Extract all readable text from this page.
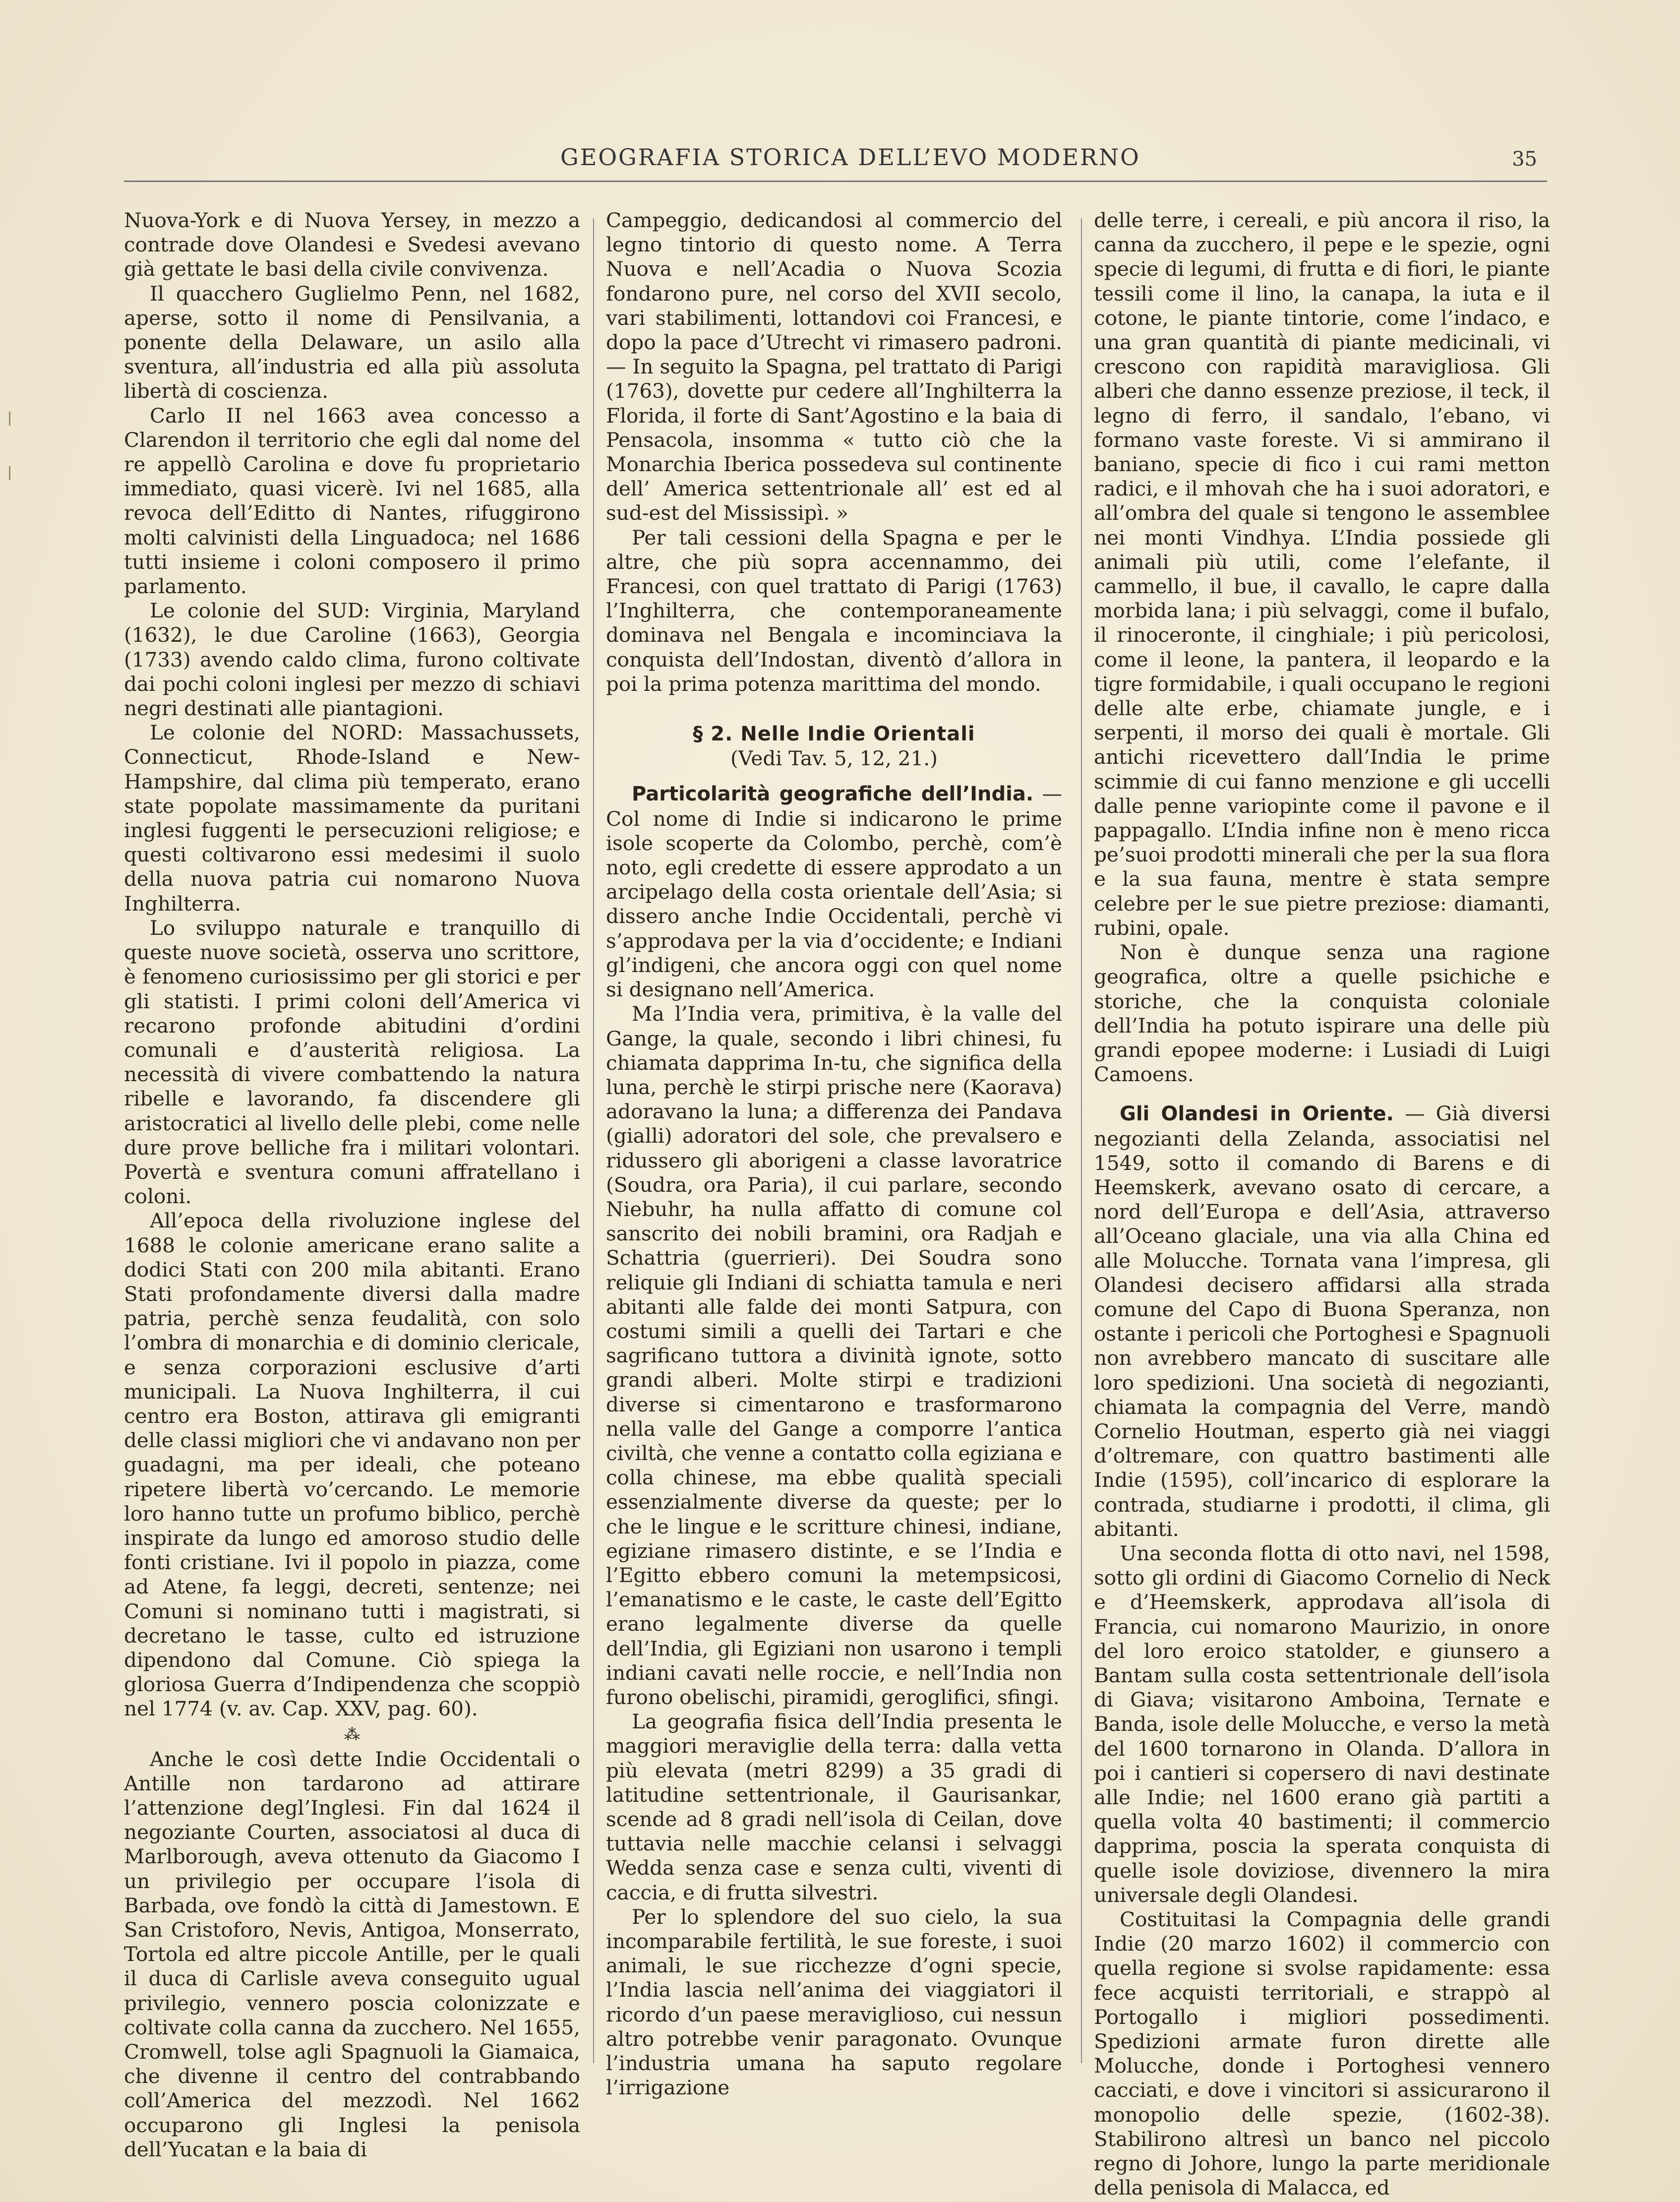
GEOGRAFIA STORICA DELL’EVO MODERNO	35

Nuova-York e di Nuova Yersey, in mezzo a contrade dove Olandesi e Svedesi avevano già gettate le basi della civile convivenza.

Il quacchero Guglielmo Penn, nel 1682, aperse, sotto il nome di Pensilvania, a ponente della Delaware, un asilo alla sventura, all’industria ed alla più assoluta libertà di coscienza.

Carlo II nel 1663 avea concesso a Clarendon il territorio che egli dal nome del re appellò Carolina e dove fu proprietario immediato, quasi vicerè. Ivi nel 1685, alla revoca dell’Editto di Nantes, rifuggirono molti calvinisti della Linguadoca; nel 1686 tutti insieme i coloni composero il primo parlamento.

Le colonie del SUD: Virginia, Maryland (1632), le due Caroline (1663), Georgia (1733) avendo caldo clima, furono coltivate dai pochi coloni inglesi per mezzo di schiavi negri destinati alle piantagioni.

Le colonie del NORD: Massachussets, Connecticut, Rhode-Island e New-Hampshire, dal clima più temperato, erano state popolate massimamente da puritani inglesi fuggenti le persecuzioni religiose; e questi coltivarono essi medesimi il suolo della nuova patria cui nomarono Nuova Inghilterra.

Lo sviluppo naturale e tranquillo di queste nuove società, osserva uno scrittore, è fenomeno curiosissimo per gli storici e per gli statisti. I primi coloni dell’America vi recarono profonde abitudini d’ordini comunali e d’austerità religiosa. La necessità di vivere combattendo la natura ribelle e lavorando, fa discendere gli aristocratici al livello delle plebi, come nelle dure prove belliche fra i militari volontari. Povertà e sventura comuni affratellano i coloni.

All’epoca della rivoluzione inglese del 1688 le colonie americane erano salite a dodici Stati con 200 mila abitanti. Erano Stati profondamente diversi dalla madre patria, perchè senza feudalità, con solo l’ombra di monarchia e di dominio clericale, e senza corporazioni esclusive d’arti municipali. La Nuova Inghilterra, il cui centro era Boston, attirava gli emigranti delle classi migliori che vi andavano non per guadagni, ma per ideali, che poteano ripetere libertà vo’cercando. Le memorie loro hanno tutte un profumo biblico, perchè inspirate da lungo ed amoroso studio delle fonti cristiane. Ivi il popolo in piazza, come ad Atene, fa leggi, decreti, sentenze; nei Comuni si nominano tutti i magistrati, si decretano le tasse, culto ed istruzione dipendono dal Comune. Ciò spiega la gloriosa Guerra d’Indipendenza che scoppiò nel 1774 (v. av. Cap. XXV, pag. 60).

⁂

Anche le così dette Indie Occidentali o Antille non tardarono ad attirare l’attenzione degl’Inglesi. Fin dal 1624 il negoziante Courten, associatosi al duca di Marlborough, aveva ottenuto da Giacomo I un privilegio per occupare l’isola di Barbada, ove fondò la città di Jamestown. E San Cristoforo, Nevis, Antigoa, Monserrato, Tortola ed altre piccole Antille, per le quali il duca di Carlisle aveva conseguito ugual privilegio, vennero poscia colonizzate e coltivate colla canna da zucchero. Nel 1655, Cromwell, tolse agli Spagnuoli la Giamaica, che divenne il centro del contrabbando coll’America del mezzodì. Nel 1662 occuparono gli Inglesi la penisola dell’Yucatan e la baia di

Campeggio, dedicandosi al commercio del legno tintorio di questo nome. A Terra Nuova e nell’Acadia o Nuova Scozia fondarono pure, nel corso del XVII secolo, vari stabilimenti, lottandovi coi Francesi, e dopo la pace d’Utrecht vi rimasero padroni. — In seguito la Spagna, pel trattato di Parigi (1763), dovette pur cedere all’Inghilterra la Florida, il forte di Sant’Agostino e la baia di Pensacola, insomma « tutto ciò che la Monarchia Iberica possedeva sul continente dell’ America settentrionale all’ est ed al sud-est del Mississipì. »

Per tali cessioni della Spagna e per le altre, che più sopra accennammo, dei Francesi, con quel trattato di Parigi (1763) l’Inghilterra, che contemporaneamente dominava nel Bengala e incominciava la conquista dell’Indostan, diventò d’allora in poi la prima potenza marittima del mondo.

§ 2. Nelle Indie Orientali
(Vedi Tav. 5, 12, 21.)

Particolarità geografiche dell’India. — Col nome di Indie si indicarono le prime isole scoperte da Colombo, perchè, com’è noto, egli credette di essere approdato a un arcipelago della costa orientale dell’Asia; si dissero anche Indie Occidentali, perchè vi s’approdava per la via d’occidente; e Indiani gl’indigeni, che ancora oggi con quel nome si designano nell’America.

Ma l’India vera, primitiva, è la valle del Gange, la quale, secondo i libri chinesi, fu chiamata dapprima In-tu, che significa della luna, perchè le stirpi prische nere (Kaorava) adoravano la luna; a differenza dei Pandava (gialli) adoratori del sole, che prevalsero e ridussero gli aborigeni a classe lavoratrice (Soudra, ora Paria), il cui parlare, secondo Niebuhr, ha nulla affatto di comune col sanscrito dei nobili bramini, ora Radjah e Schattria (guerrieri). Dei Soudra sono reliquie gli Indiani di schiatta tamula e neri abitanti alle falde dei monti Satpura, con costumi simili a quelli dei Tartari e che sagrificano tuttora a divinità ignote, sotto grandi alberi. Molte stirpi e tradizioni diverse si cimentarono e trasformarono nella valle del Gange a comporre l’antica civiltà, che venne a contatto colla egiziana e colla chinese, ma ebbe qualità speciali essenzialmente diverse da queste; per lo che le lingue e le scritture chinesi, indiane, egiziane rimasero distinte, e se l’India e l’Egitto ebbero comuni la metempsicosi, l’emanatismo e le caste, le caste dell’Egitto erano legalmente diverse da quelle dell’India, gli Egiziani non usarono i templi indiani cavati nelle roccie, e nell’India non furono obelischi, piramidi, geroglifici, sfingi.

La geografia fisica dell’India presenta le maggiori meraviglie della terra: dalla vetta più elevata (metri 8299) a 35 gradi di latitudine settentrionale, il Gaurisankar, scende ad 8 gradi nell’isola di Ceilan, dove tuttavia nelle macchie celansi i selvaggi Wedda senza case e senza culti, viventi di caccia, e di frutta silvestri.

Per lo splendore del suo cielo, la sua incomparabile fertilità, le sue foreste, i suoi animali, le sue ricchezze d’ogni specie, l’India lascia nell’anima dei viaggiatori il ricordo d’un paese meraviglioso, cui nessun altro potrebbe venir paragonato. Ovunque l’industria umana ha saputo regolare l’irrigazione

delle terre, i cereali, e più ancora il riso, la canna da zucchero, il pepe e le spezie, ogni specie di legumi, di frutta e di fiori, le piante tessili come il lino, la canapa, la iuta e il cotone, le piante tintorie, come l’indaco, e una gran quantità di piante medicinali, vi crescono con rapidità maravigliosa. Gli alberi che danno essenze preziose, il teck, il legno di ferro, il sandalo, l’ebano, vi formano vaste foreste. Vi si ammirano il baniano, specie di fico i cui rami metton radici, e il mhovah che ha i suoi adoratori, e all’ombra del quale si tengono le assemblee nei monti Vindhya. L’India possiede gli animali più utili, come l’elefante, il cammello, il bue, il cavallo, le capre dalla morbida lana; i più selvaggi, come il bufalo, il rinoceronte, il cinghiale; i più pericolosi, come il leone, la pantera, il leopardo e la tigre formidabile, i quali occupano le regioni delle alte erbe, chiamate jungle, e i serpenti, il morso dei quali è mortale. Gli antichi ricevettero dall’India le prime scimmie di cui fanno menzione e gli uccelli dalle penne variopinte come il pavone e il pappagallo. L’India infine non è meno ricca pe’suoi prodotti minerali che per la sua flora e la sua fauna, mentre è stata sempre celebre per le sue pietre preziose: diamanti, rubini, opale.

Non è dunque senza una ragione geografica, oltre a quelle psichiche e storiche, che la conquista coloniale dell’India ha potuto ispirare una delle più grandi epopee moderne: i Lusiadi di Luigi Camoens.

Gli Olandesi in Oriente. — Già diversi negozianti della Zelanda, associatisi nel 1549, sotto il comando di Barens e di Heemskerk, avevano osato di cercare, a nord dell’Europa e dell’Asia, attraverso all’Oceano glaciale, una via alla China ed alle Molucche. Tornata vana l’impresa, gli Olandesi decisero affidarsi alla strada comune del Capo di Buona Speranza, non ostante i pericoli che Portoghesi e Spagnuoli non avrebbero mancato di suscitare alle loro spedizioni. Una società di negozianti, chiamata la compagnia del Verre, mandò Cornelio Houtman, esperto già nei viaggi d’oltremare, con quattro bastimenti alle Indie (1595), coll’incarico di esplorare la contrada, studiarne i prodotti, il clima, gli abitanti.

Una seconda flotta di otto navi, nel 1598, sotto gli ordini di Giacomo Cornelio di Neck e d’Heemskerk, approdava all’isola di Francia, cui nomarono Maurizio, in onore del loro eroico statolder, e giunsero a Bantam sulla costa settentrionale dell’isola di Giava; visitarono Amboina, Ternate e Banda, isole delle Molucche, e verso la metà del 1600 tornarono in Olanda. D’allora in poi i cantieri si copersero di navi destinate alle Indie; nel 1600 erano già partiti a quella volta 40 bastimenti; il commercio dapprima, poscia la sperata conquista di quelle isole doviziose, divennero la mira universale degli Olandesi.

Costituitasi la Compagnia delle grandi Indie (20 marzo 1602) il commercio con quella regione si svolse rapidamente: essa fece acquisti territoriali, e strappò al Portogallo i migliori possedimenti. Spedizioni armate furon dirette alle Molucche, donde i Portoghesi vennero cacciati, e dove i vincitori si assicurarono il monopolio delle spezie, (1602-38). Stabilirono altresì un banco nel piccolo regno di Johore, lungo la parte meridionale della penisola di Malacca, ed
